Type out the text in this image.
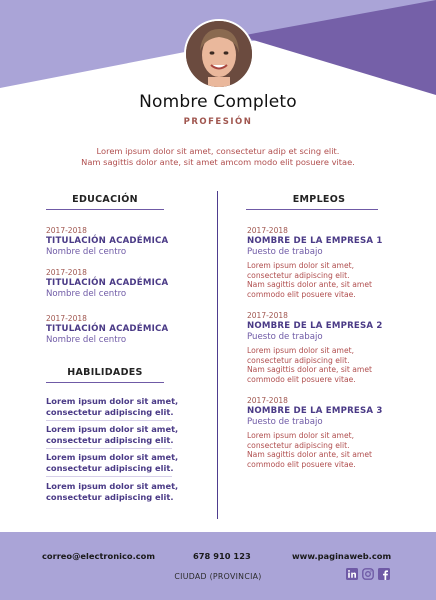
Nombre Completo
PROFESIÓN
Lorem ipsum dolor sit amet, consectetur adip et scing elit.
Nam sagittis dolor ante, sit amet amcom modo elit posuere vitae.
EDUCACIÓN
2017-2018
TITULACIÓN ACADÉMICA
Nombre del centro
2017-2018
TITULACIÓN ACADÉMICA
Nombre del centro
2017-2018
TITULACIÓN ACADÉMICA
Nombre del centro
HABILIDADES
Lorem ipsum dolor sit amet,
consectetur adipiscing elit.
Lorem ipsum dolor sit amet,
consectetur adipiscing elit.
Lorem ipsum dolor sit amet,
consectetur adipiscing elit.
Lorem ipsum dolor sit amet,
consectetur adipiscing elit.
EMPLEOS
2017-2018
NOMBRE DE LA EMPRESA 1
Puesto de trabajo
Lorem ipsum dolor sit amet,
consectetur adipiscing elit.
Nam sagittis dolor ante, sit amet
commodo elit posuere vitae.
2017-2018
NOMBRE DE LA EMPRESA 2
Puesto de trabajo
Lorem ipsum dolor sit amet,
consectetur adipiscing elit.
Nam sagittis dolor ante, sit amet
commodo elit posuere vitae.
2017-2018
NOMBRE DE LA EMPRESA 3
Puesto de trabajo
Lorem ipsum dolor sit amet,
consectetur adipiscing elit.
Nam sagittis dolor ante, sit amet
commodo elit posuere vitae.
correo@electronico.com	678 910 123	www.paginaweb.com
CIUDAD (PROVINCIA)
